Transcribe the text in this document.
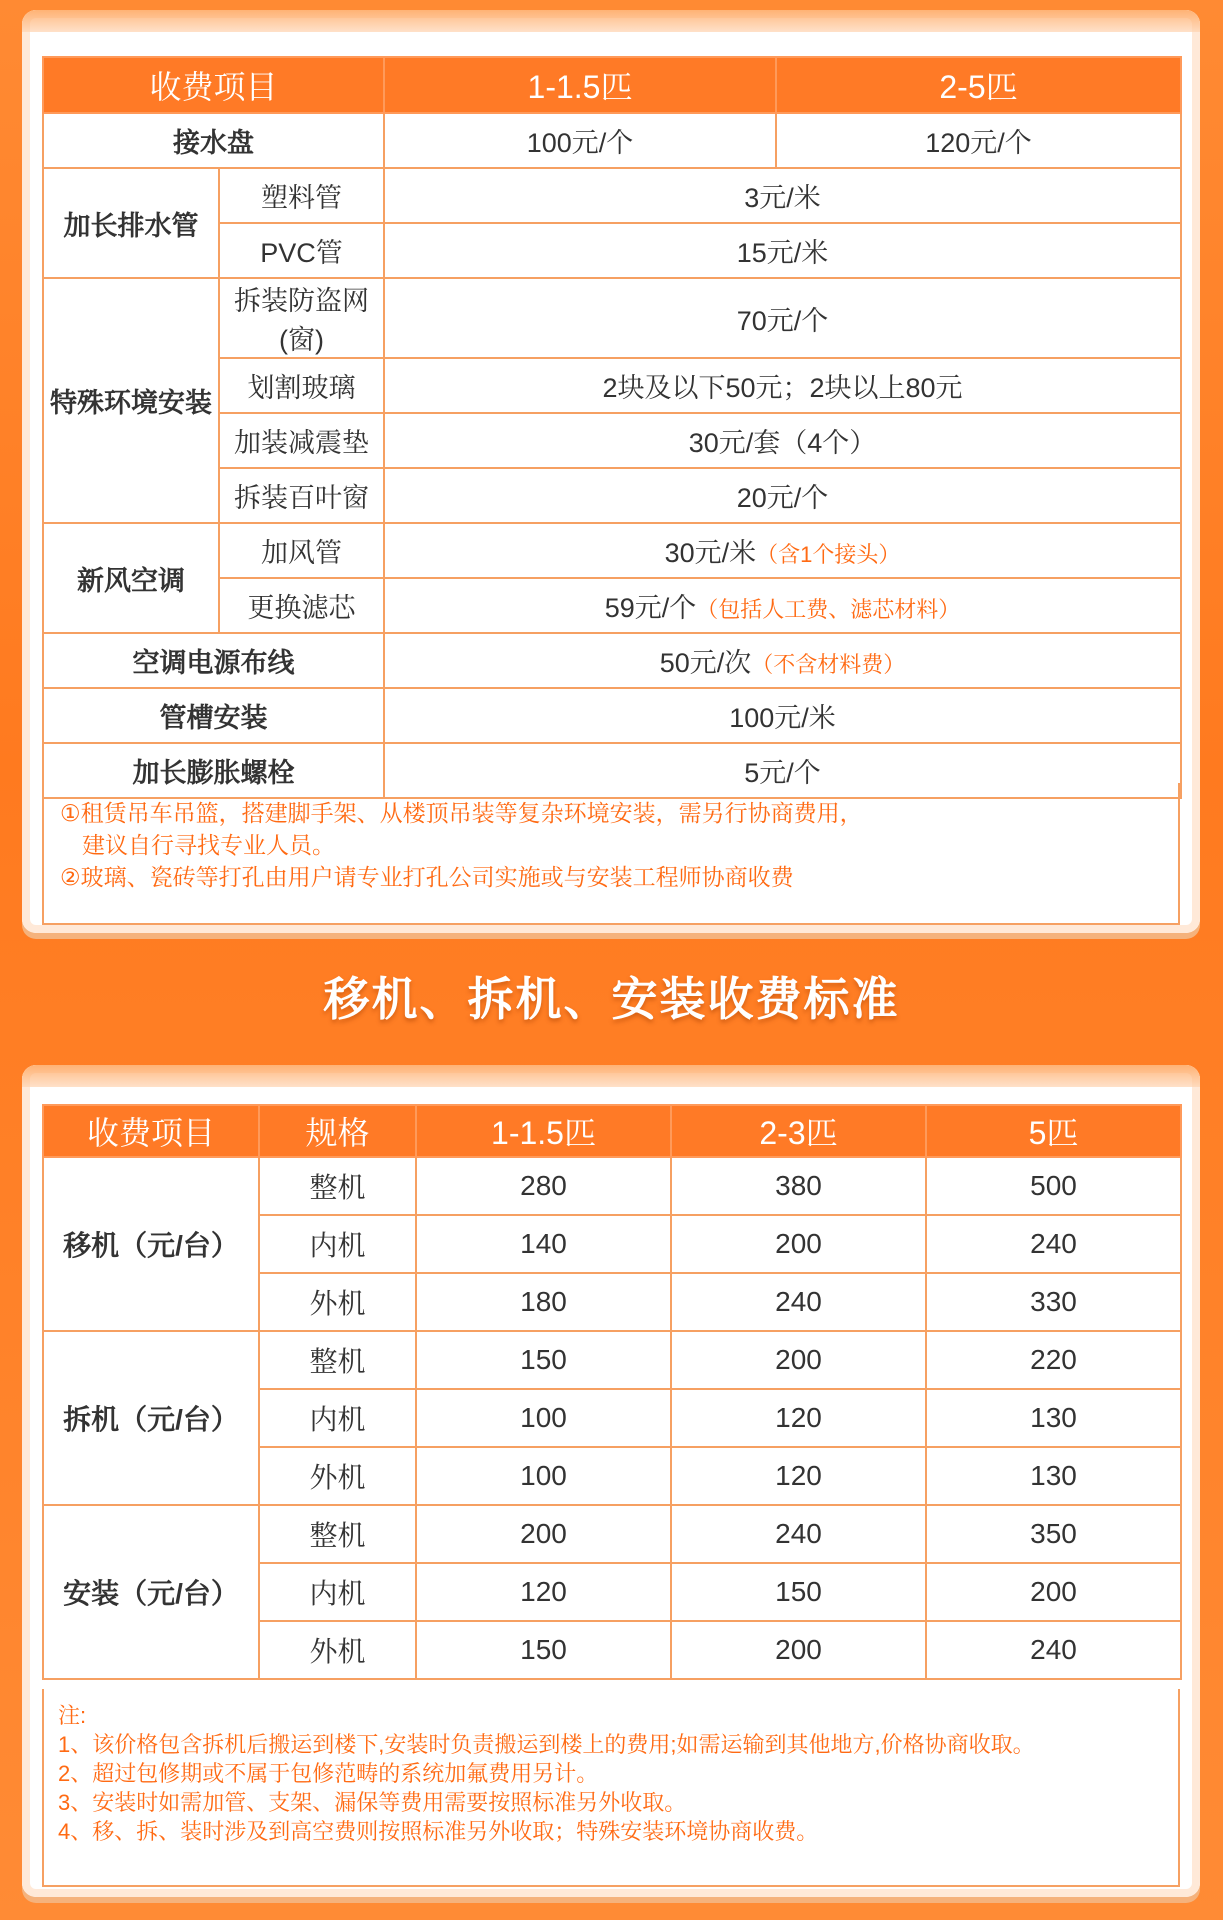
收费项目		1-1.5匹	2-5匹
接水盘		100元/个	120元/个
加长排水管	塑料管	3元/米	
	PVC管	15元/米	
特殊环境安装	拆装防盗网(窗)	70元/个	
	划割玻璃	2块及以下50元；2块以上80元	
	加装减震垫	30元/套（4个）	
	拆装百叶窗	20元/个	
新风空调	加风管	30元/米（含1个接头）	
	更换滤芯	59元/个（包括人工费、滤芯材料）	
空调电源布线		50元/次（不含材料费）	
管槽安装		100元/米	
加长膨胀螺栓		5元/个	
①租赁吊车吊篮，搭建脚手架、从楼顶吊装等复杂环境安装，需另行协商费用，
建议自行寻找专业人员。
②玻璃、瓷砖等打孔由用户请专业打孔公司实施或与安装工程师协商收费
移机、拆机、安装收费标准
收费项目	规格	1-1.5匹	2-3匹	5匹
移机（元/台）	整机	280	380	500
	内机	140	200	240
	外机	180	240	330
拆机（元/台）	整机	150	200	220
	内机	100	120	130
	外机	100	120	130
安装（元/台）	整机	200	240	350
	内机	120	150	200
	外机	150	200	240
注:
1、该价格包含拆机后搬运到楼下,安装时负责搬运到楼上的费用;如需运输到其他地方,价格协商收取。
2、超过包修期或不属于包修范畴的系统加氟费用另计。
3、安装时如需加管、支架、漏保等费用需要按照标准另外收取。
4、移、拆、装时涉及到高空费则按照标准另外收取；特殊安装环境协商收费。
